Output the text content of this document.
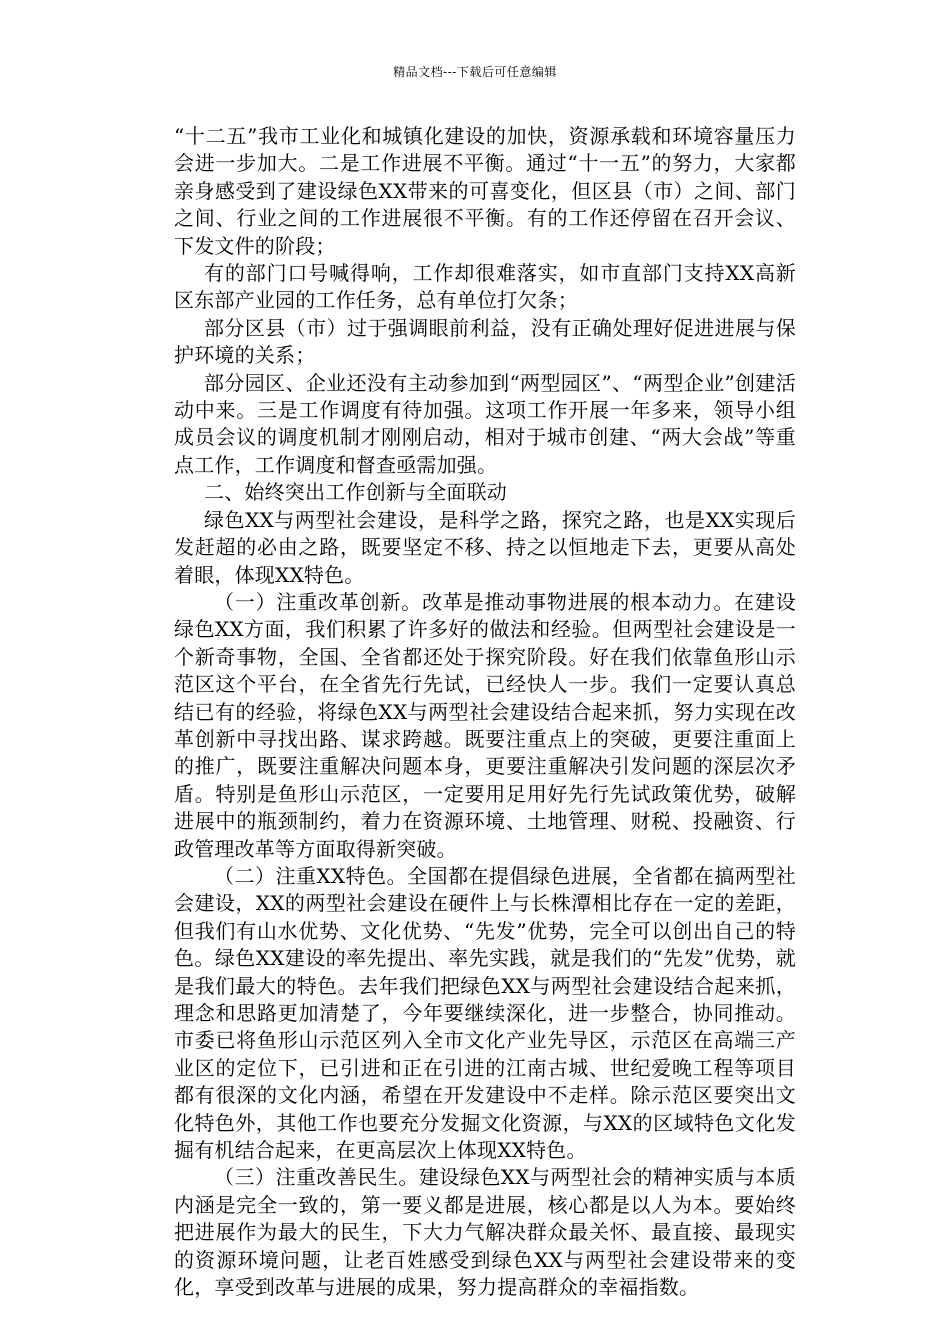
精品文档---下载后可任意编辑

“十二五”我市工业化和城镇化建设的加快，资源承载和环境容量压力会进一步加大。二是工作进展不平衡。通过“十一五”的努力，大家都亲身感受到了建设绿色XX带来的可喜变化，但区县（市）之间、部门之间、行业之间的工作进展很不平衡。有的工作还停留在召开会议、下发文件的阶段；

有的部门口号喊得响，工作却很难落实，如市直部门支持XX高新区东部产业园的工作任务，总有单位打欠条；

部分区县（市）过于强调眼前利益，没有正确处理好促进进展与保护环境的关系；

部分园区、企业还没有主动参加到“两型园区”、“两型企业”创建活动中来。三是工作调度有待加强。这项工作开展一年多来，领导小组成员会议的调度机制才刚刚启动，相对于城市创建、“两大会战”等重点工作，工作调度和督查亟需加强。

二、始终突出工作创新与全面联动

绿色XX与两型社会建设，是科学之路，探究之路，也是XX实现后发赶超的必由之路，既要坚定不移、持之以恒地走下去，更要从高处着眼，体现XX特色。

（一）注重改革创新。改革是推动事物进展的根本动力。在建设绿色XX方面，我们积累了许多好的做法和经验。但两型社会建设是一个新奇事物，全国、全省都还处于探究阶段。好在我们依靠鱼形山示范区这个平台，在全省先行先试，已经快人一步。我们一定要认真总结已有的经验，将绿色XX与两型社会建设结合起来抓，努力实现在改革创新中寻找出路、谋求跨越。既要注重点上的突破，更要注重面上的推广，既要注重解决问题本身，更要注重解决引发问题的深层次矛盾。特别是鱼形山示范区，一定要用足用好先行先试政策优势，破解进展中的瓶颈制约，着力在资源环境、土地管理、财税、投融资、行政管理改革等方面取得新突破。

（二）注重XX特色。全国都在提倡绿色进展，全省都在搞两型社会建设，XX的两型社会建设在硬件上与长株潭相比存在一定的差距，但我们有山水优势、文化优势、“先发”优势，完全可以创出自己的特色。绿色XX建设的率先提出、率先实践，就是我们的“先发”优势，就是我们最大的特色。去年我们把绿色XX与两型社会建设结合起来抓，理念和思路更加清楚了，今年要继续深化，进一步整合，协同推动。市委已将鱼形山示范区列入全市文化产业先导区，示范区在高端三产业区的定位下，已引进和正在引进的江南古城、世纪爱晚工程等项目都有很深的文化内涵，希望在开发建设中不走样。除示范区要突出文化特色外，其他工作也要充分发掘文化资源，与XX的区域特色文化发掘有机结合起来，在更高层次上体现XX特色。

（三）注重改善民生。建设绿色XX与两型社会的精神实质与本质内涵是完全一致的，第一要义都是进展，核心都是以人为本。要始终把进展作为最大的民生，下大力气解决群众最关怀、最直接、最现实的资源环境问题，让老百姓感受到绿色XX与两型社会建设带来的变化，享受到改革与进展的成果，努力提高群众的幸福指数。
